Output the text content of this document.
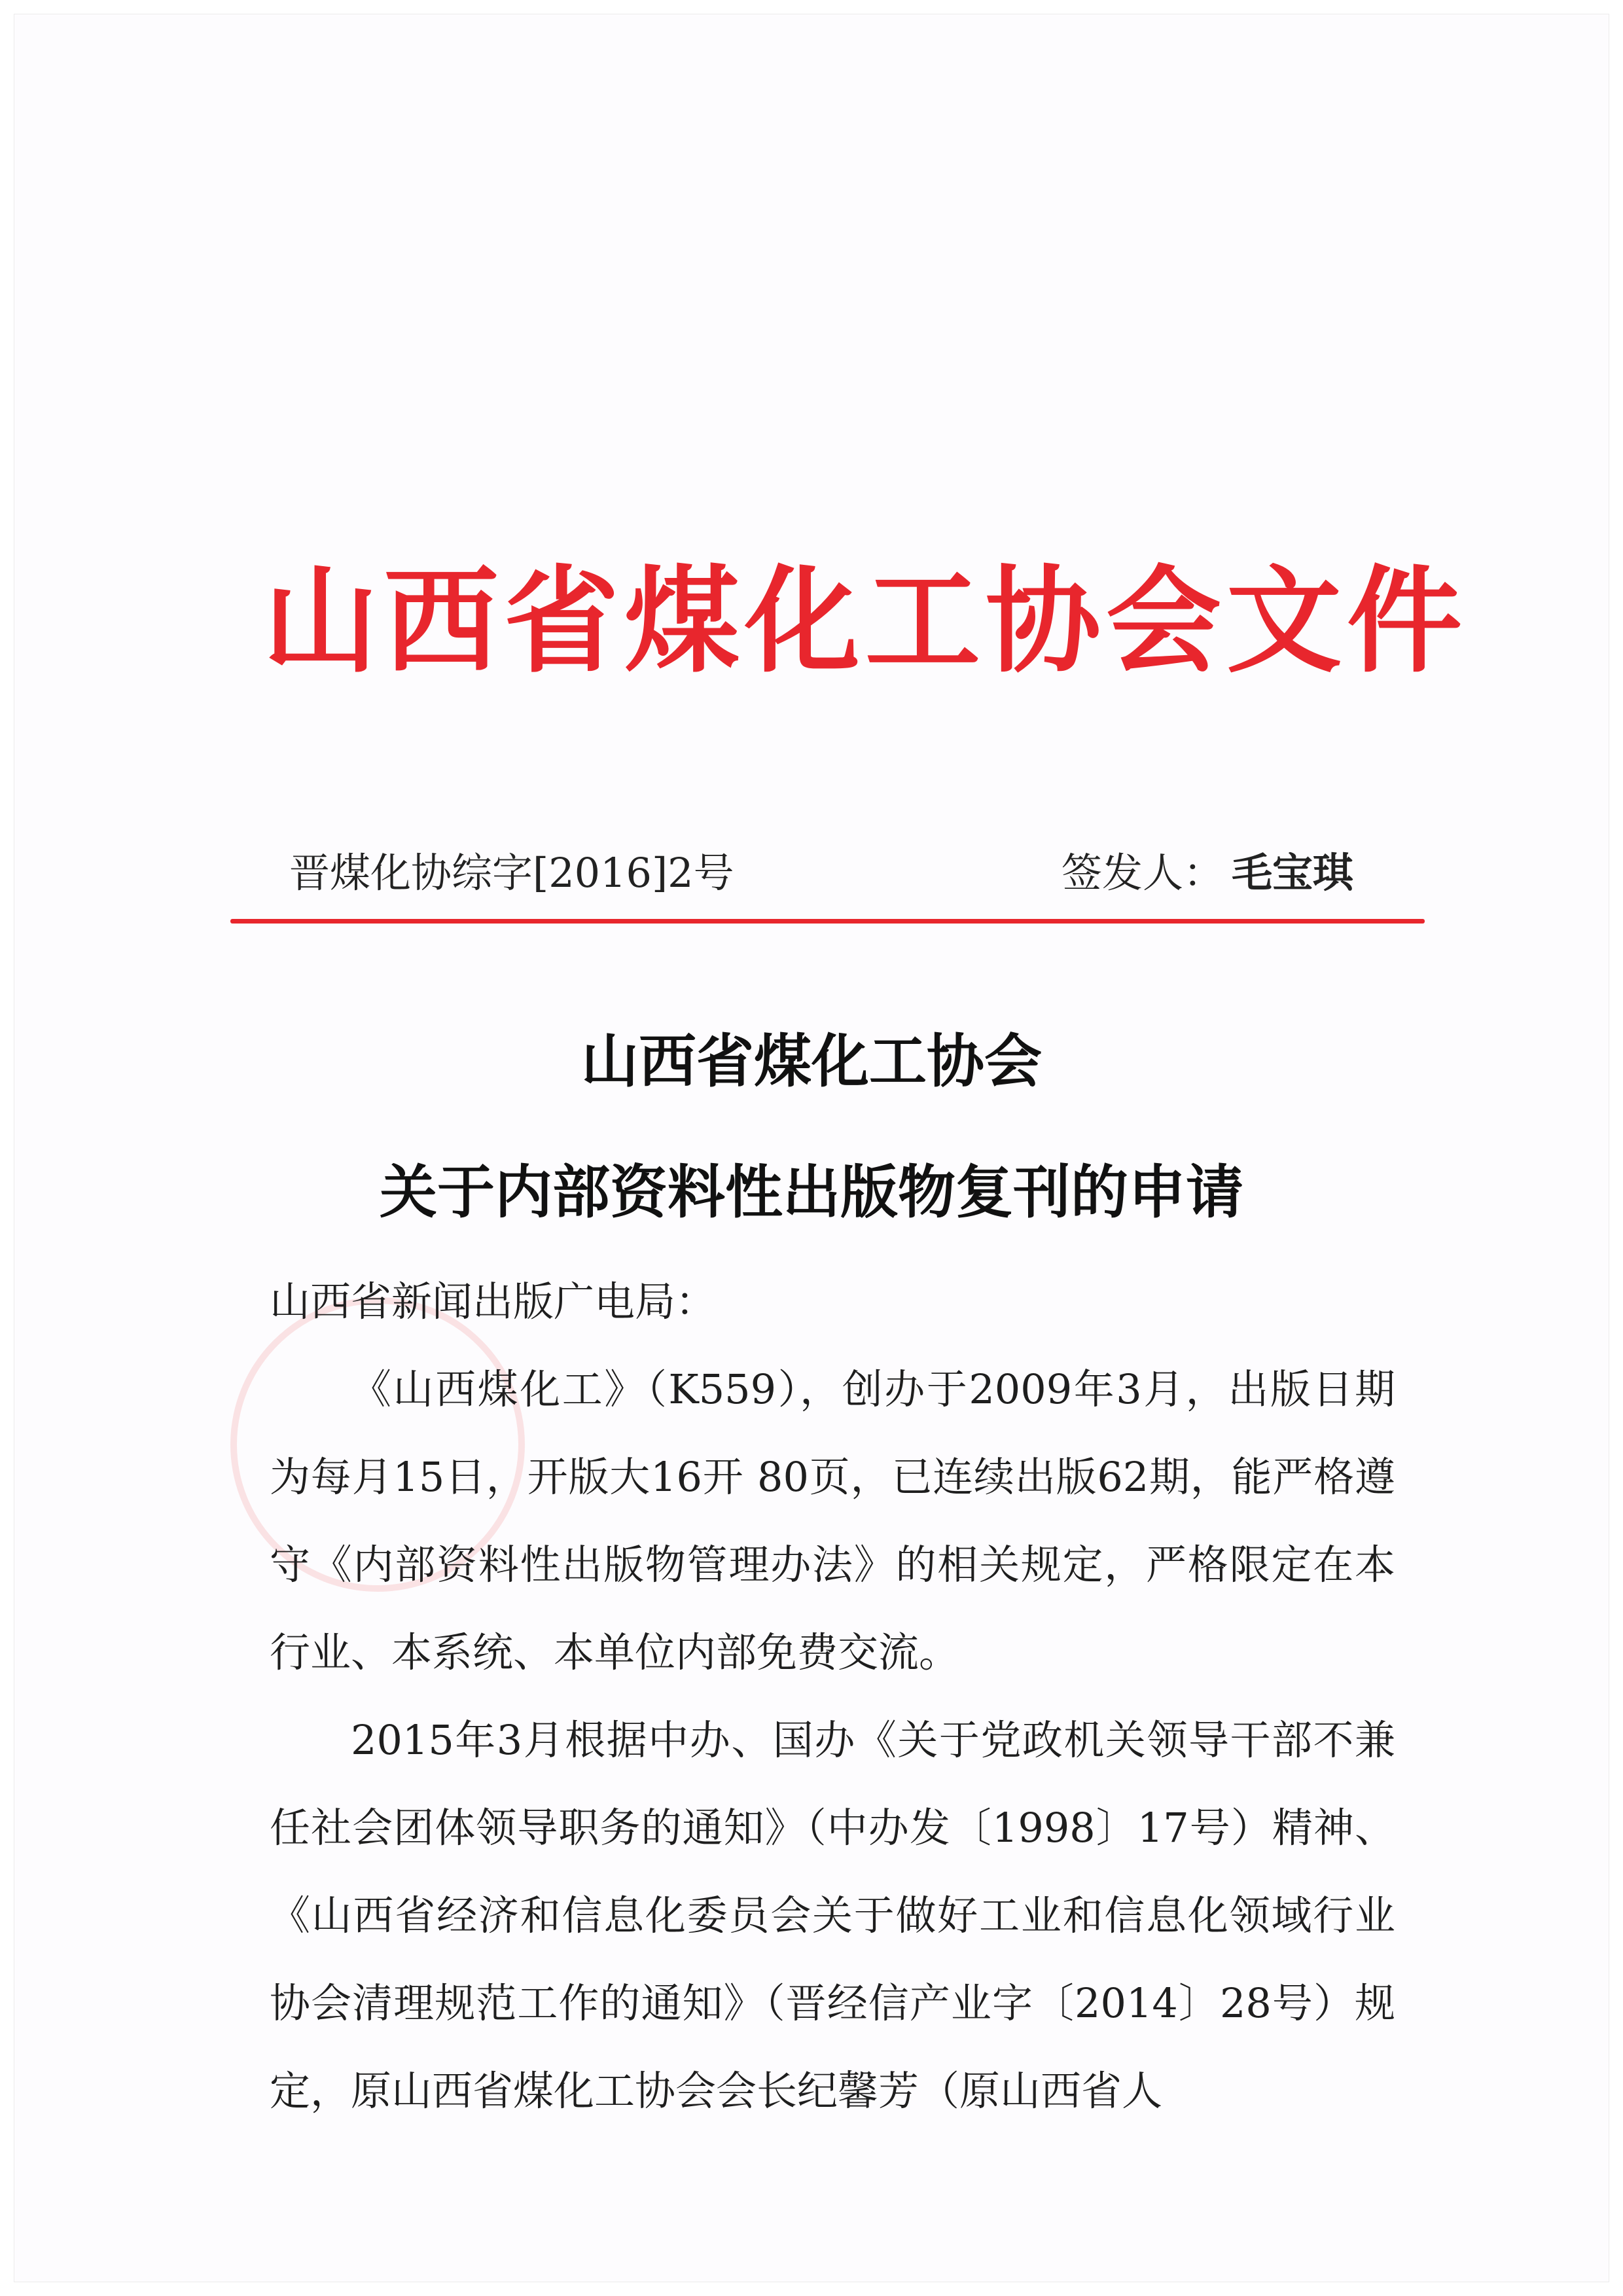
山西省煤化工协会文件
晋煤化协综字[2016]2号	签发人： 毛宝琪
山西省煤化工协会
关于内部资料性出版物复刊的申请
山西省新闻出版广电局：
《山西煤化工》（K559），创办于2009年3月，出版日期为每月15日，开版大16开 80页，已连续出版62期，能严格遵守《内部资料性出版物管理办法》的相关规定，严格限定在本行业、本系统、本单位内部免费交流。
2015年3月根据中办、国办《关于党政机关领导干部不兼任社会团体领导职务的通知》（中办发〔1998〕17号）精神、《山西省经济和信息化委员会关于做好工业和信息化领域行业协会清理规范工作的通知》（晋经信产业字〔2014〕28号）规定，原山西省煤化工协会会长纪馨芳（原山西省人
